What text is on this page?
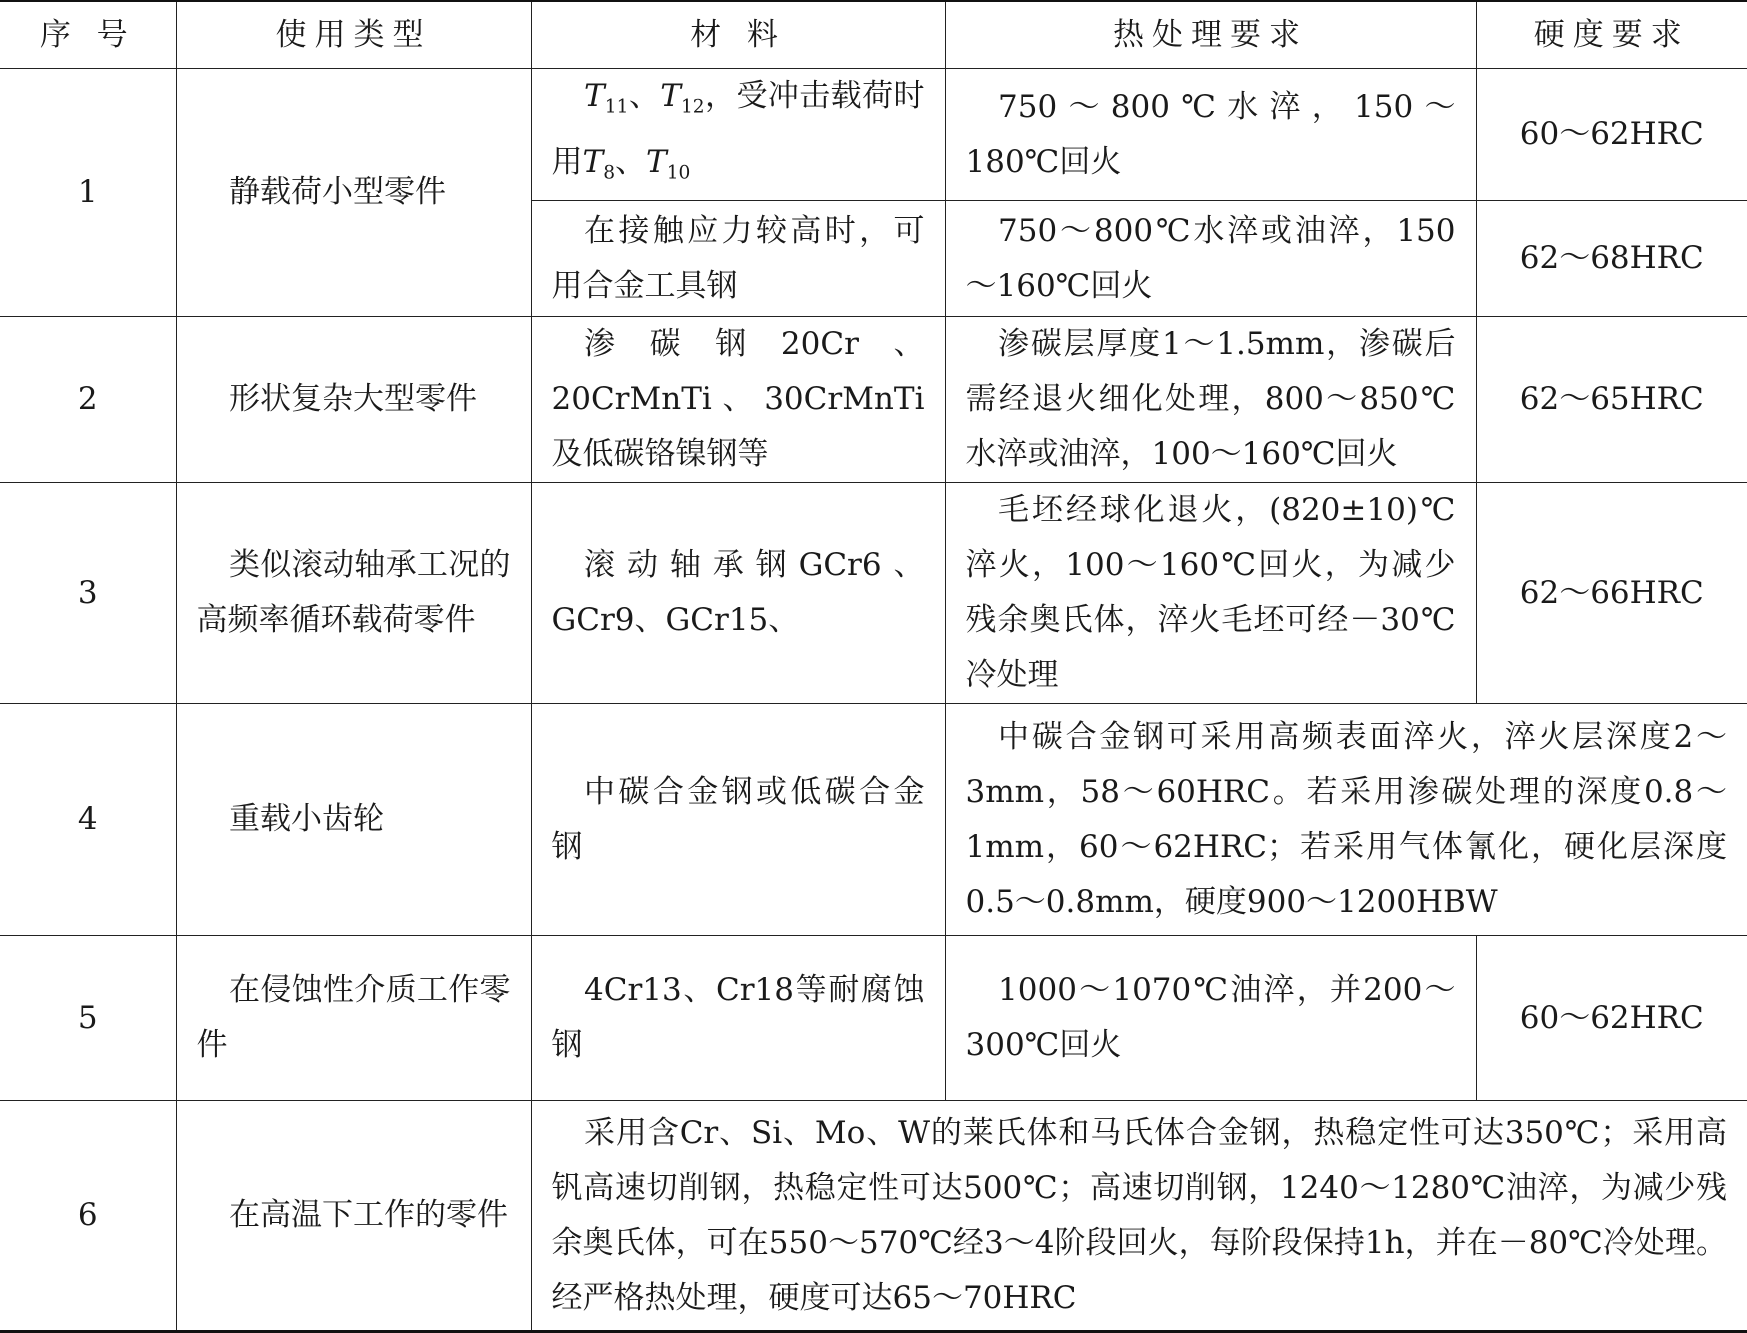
序 号	使用类型	材 料	热处理要求	硬度要求
1	静载荷小型零件	$T_{11}$、$T_{12}$，受冲击载荷时用$T_8$、$T_{10}$	750～800℃水淬，150～180℃回火	60～62HRC
		在接触应力较高时，可用合金工具钢	750～800℃水淬或油淬，150～160℃回火	62～68HRC
2	形状复杂大型零件	渗碳钢20Cr、20CrMnTi、30CrMnTi及低碳铬镍钢等	渗碳层厚度1～1.5mm，渗碳后需经退火细化处理，800～850℃水淬或油淬，100～160℃回火	62～65HRC
3	类似滚动轴承工况的高频率循环载荷零件	滚动轴承钢GCr6、GCr9、GCr15、	毛坯经球化退火，(820±10)℃淬火，100～160℃回火，为减少残余奥氏体，淬火毛坯可经－30℃冷处理	62～66HRC
4	重载小齿轮	中碳合金钢或低碳合金钢	中碳合金钢可采用高频表面淬火，淬火层深度2～3mm，58～60HRC。若采用渗碳处理的深度0.8～1mm，60～62HRC；若采用气体氰化，硬化层深度0.5～0.8mm，硬度900～1200HBW	
5	在侵蚀性介质工作零件	4Cr13、Cr18等耐腐蚀钢	1000～1070℃油淬，并200～300℃回火	60～62HRC
6	在高温下工作的零件	采用含Cr、Si、Mo、W的莱氏体和马氏体合金钢，热稳定性可达350℃；采用高钒高速切削钢，热稳定性可达500℃；高速切削钢，1240～1280℃油淬，为减少残余奥氏体，可在550～570℃经3～4阶段回火，每阶段保持1h，并在－80℃冷处理。经严格热处理，硬度可达65～70HRC		
